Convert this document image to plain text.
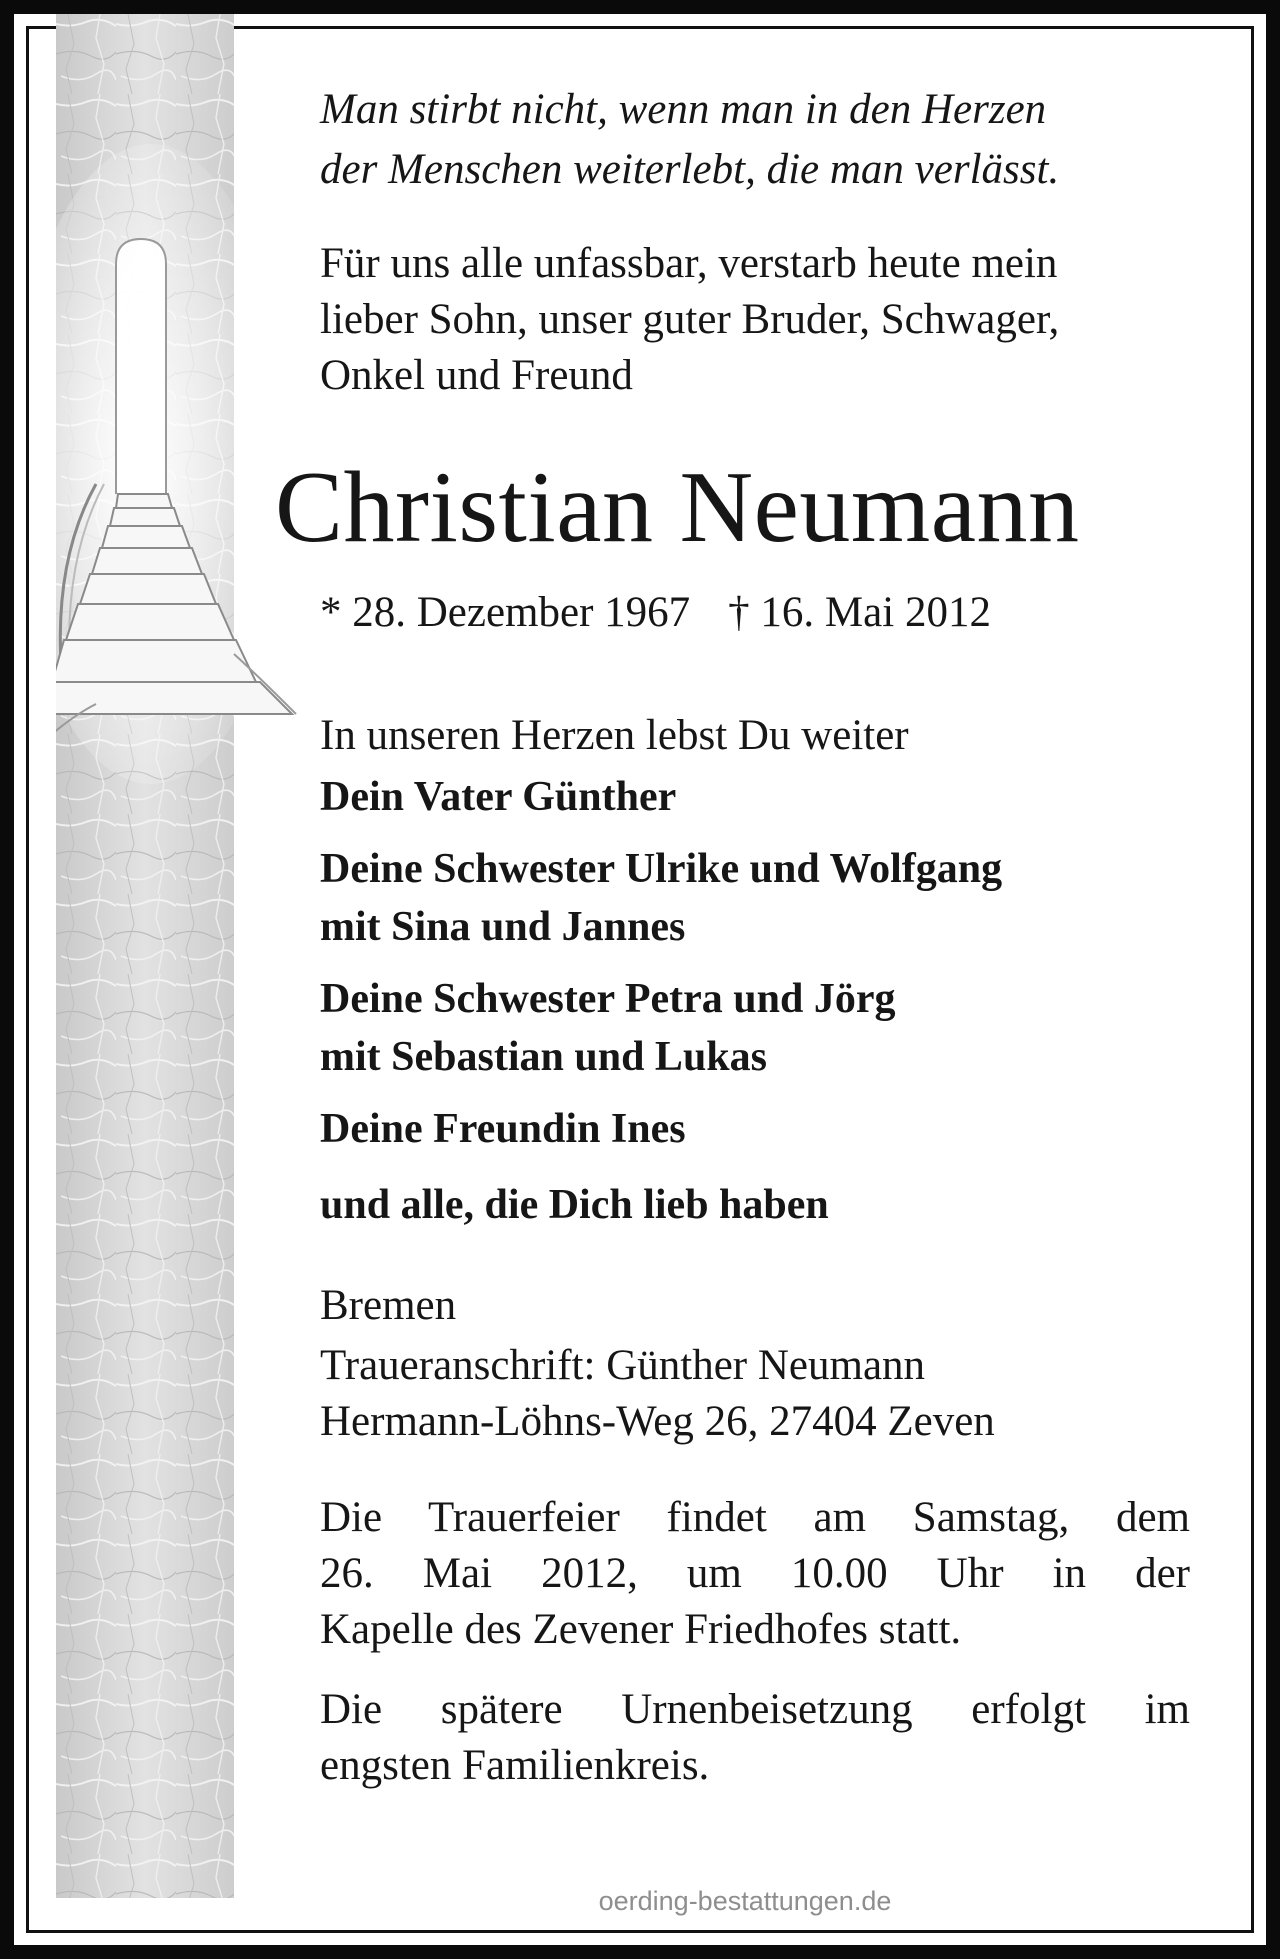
Man stirbt nicht, wenn man in den Herzen
der Menschen weiterlebt, die man verlässt.

Für uns alle unfassbar, verstarb heute mein
lieber Sohn, unser guter Bruder, Schwager,
Onkel und Freund

Christian Neumann
* 28. Dezember 1967 † 16. Mai 2012

In unseren Herzen lebst Du weiter

Dein Vater Günther

Deine Schwester Ulrike und Wolfgang
mit Sina und Jannes

Deine Schwester Petra und Jörg
mit Sebastian und Lukas

Deine Freundin Ines

und alle, die Dich lieb haben

Bremen

Traueranschrift: Günther Neumann
Hermann-Löhns-Weg 26, 27404 Zeven

Die Trauerfeier findet am Samstag, dem
26. Mai 2012, um 10.00 Uhr in der
Kapelle des Zevener Friedhofes statt.

Die spätere Urnenbeisetzung erfolgt im
engsten Familienkreis.

oerding-bestattungen.de
